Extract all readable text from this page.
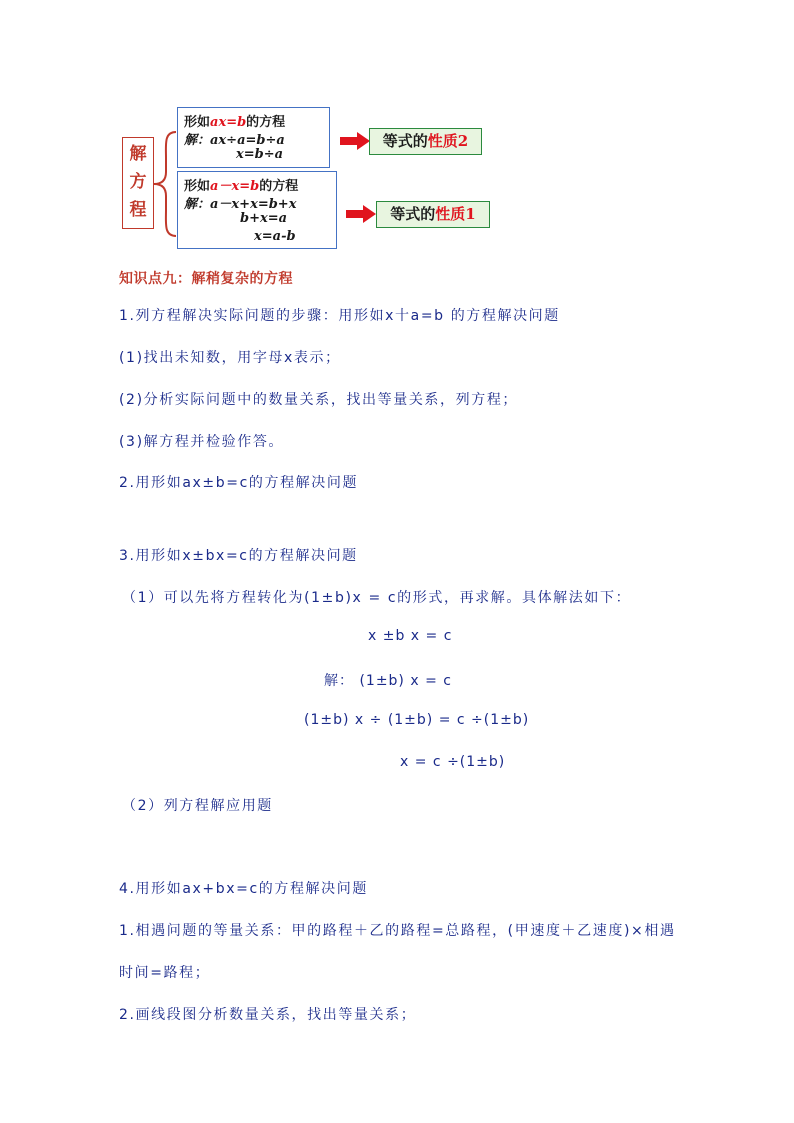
解
方
程
形如ax=b的方程
解：ax÷a=b÷a
x=b÷a
形如a－x=b的方程
解：a－x+x=b+x
b+x=a
x=a-b
等式的性质2
等式的性质1
知识点九：解稍复杂的方程
1.列方程解决实际问题的步骤：用形如x十a=b 的方程解决问题
(1)找出未知数，用字母x表示；
(2)分析实际问题中的数量关系，找出等量关系，列方程；
(3)解方程并检验作答。
2.用形如ax±b=c的方程解决问题
3.用形如x±bx=c的方程解决问题
（1）可以先将方程转化为(1±b)x = c的形式，再求解。具体解法如下：
x ±b x = c
解： (1±b) x = c
(1±b) x ÷ (1±b) = c ÷(1±b)
x = c ÷(1±b)
（2）列方程解应用题
4.用形如ax+bx=c的方程解决问题
1.相遇问题的等量关系：甲的路程＋乙的路程=总路程，(甲速度＋乙速度)×相遇
时间=路程；
2.画线段图分析数量关系，找出等量关系；
